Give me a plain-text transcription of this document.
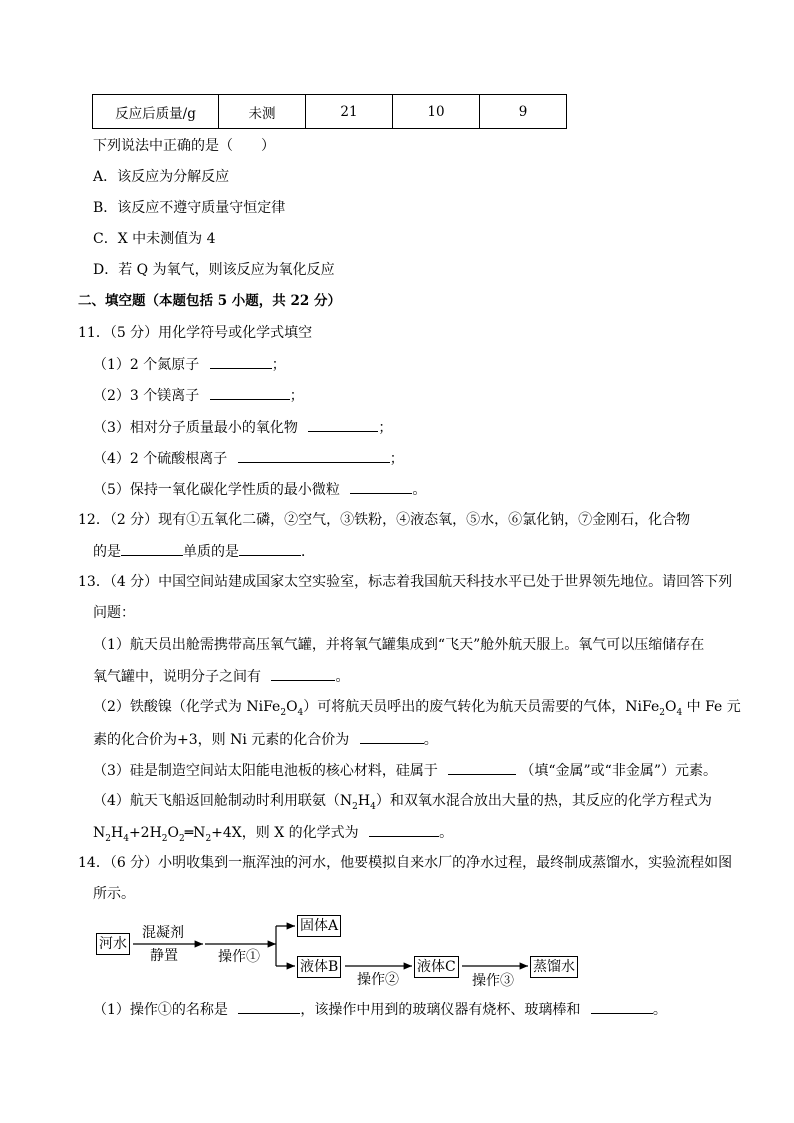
反应后质量/g	未测	21	10	9
下列说法中正确的是（　　）
A．该反应为分解反应
B．该反应不遵守质量守恒定律
C．X 中未测值为 4
D．若 Q 为氧气，则该反应为氧化反应
二、填空题（本题包括 5 小题，共 22 分）
11．（5 分）用化学符号或化学式填空
（1）2 个氮原子	；
（2）3 个镁离子	；
（3）相对分子质量最小的氧化物	；
（4）2 个硫酸根离子	；
（5）保持一氧化碳化学性质的最小微粒	。
12．（2 分）现有①五氧化二磷，②空气，③铁粉，④液态氧，⑤水，⑥氯化钠，⑦金刚石，化合物
的是	单质的是	．
13．（4 分）中国空间站建成国家太空实验室，标志着我国航天科技水平已处于世界领先地位。请回答下列
问题：
（1）航天员出舱需携带高压氧气罐，并将氧气罐集成到“飞天”舱外航天服上。氧气可以压缩储存在
氧气罐中，说明分子之间有	。
（2）铁酸镍（化学式为 $NiFe_2O_4$）可将航天员呼出的废气转化为航天员需要的气体，$NiFe_2O_4$ 中 Fe 元
素的化合价为+3，则 Ni 元素的化合价为	。
（3）硅是制造空间站太阳能电池板的核心材料，硅属于	（填“金属”或“非金属”）元素。
（4）航天飞船返回舱制动时利用联氨$(N_2H_4)$和双氧水混合放出大量的热，其反应的化学方程式为
$N_2H_4+2H_2O_2═N_2+4X$，则 X 的化学式为	。
14．（6 分）小明收集到一瓶浑浊的河水，他要模拟自来水厂的净水过程，最终制成蒸馏水，实验流程如图
所示。
河水
混凝剂
静置	操作①
固体A
液体B
操作②
液体C
操作③
蒸馏水
（1）操作①的名称是	，该操作中用到的玻璃仪器有烧杯、玻璃棒和	。
